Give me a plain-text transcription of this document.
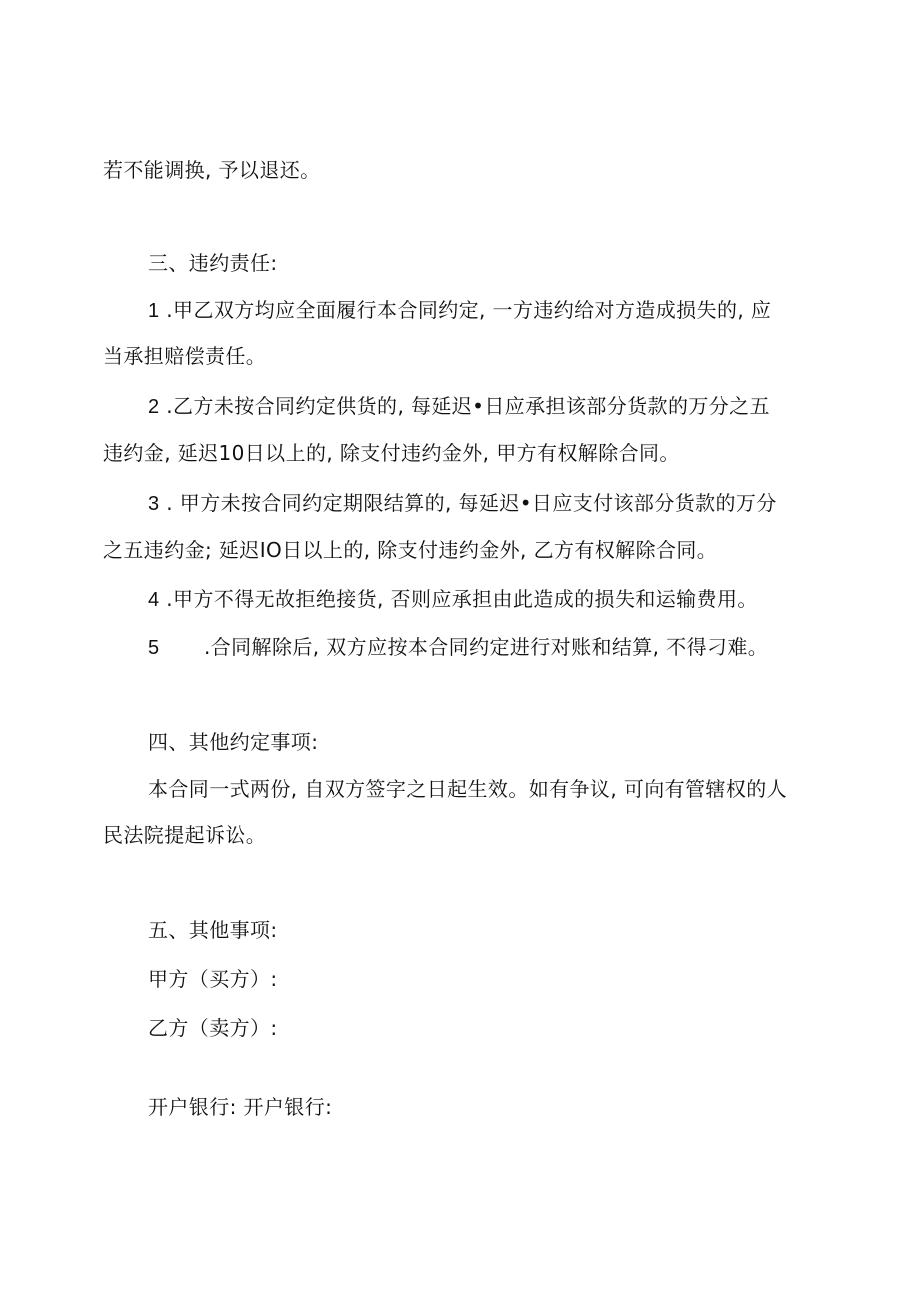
若不能调换, 予以退还。
三、违约责任:
1 .甲乙双方均应全面履行本合同约定, 一方违约给对方造成损失的, 应
当承担赔偿责任。
2 .乙方未按合同约定供货的, 每延迟•日应承担该部分货款的万分之五
违约金, 延迟10日以上的, 除支付违约金外, 甲方有权解除合同。
3 . 甲方未按合同约定期限结算的, 每延迟•日应支付该部分货款的万分
之五违约金; 延迟IO日以上的, 除支付违约金外, 乙方有权解除合同。
4 .甲方不得无故拒绝接货, 否则应承担由此造成的损失和运输费用。
5 .合同解除后, 双方应按本合同约定进行对账和结算, 不得刁难。
四、其他约定事项:
本合同一式两份, 自双方签字之日起生效。如有争议, 可向有管辖权的人
民法院提起诉讼。
五、其他事项:
甲方（买方）:
乙方（卖方）:
开户银行: 开户银行:
